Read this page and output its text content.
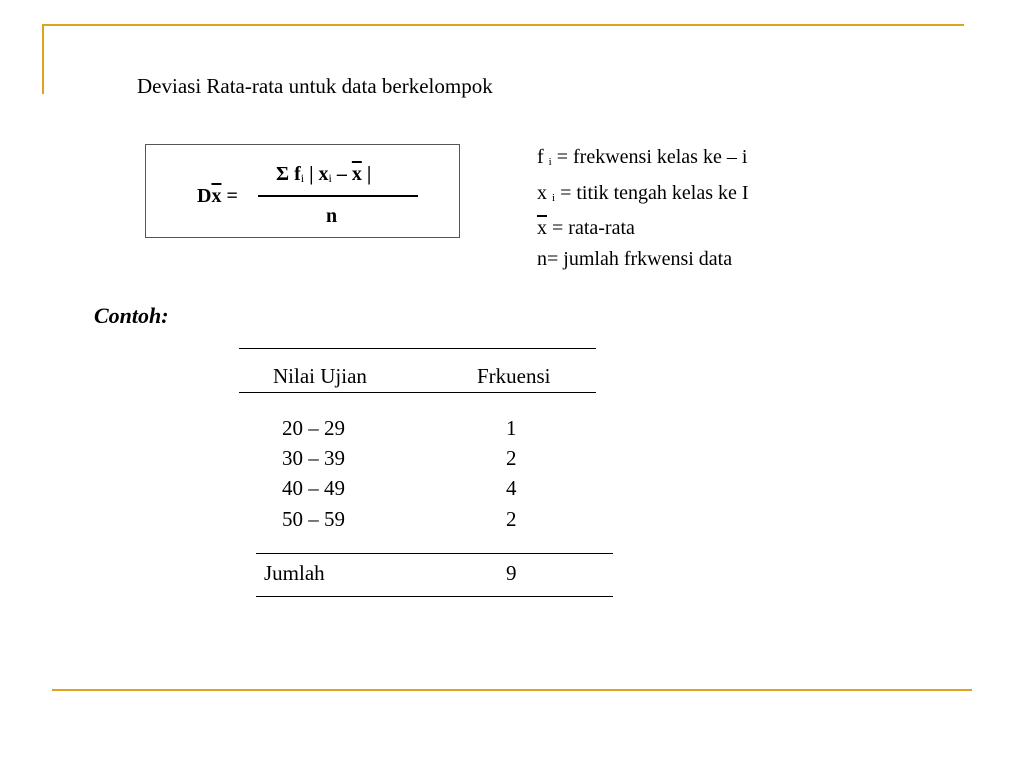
Deviasi Rata-rata untuk data berkelompok
$D\overline{x}$ =
Σ fi | xi – $\overline{x}$ |
n
f i = frekwensi kelas ke – i
x i = titik tengah kelas ke I
$\overline{x}$ = rata-rata
n= jumlah frkwensi data
Contoh:
Nilai Ujian	Frkuensi
20 – 29	1
30 – 39	2
40 – 49	4
50 – 59	2
Jumlah	9
